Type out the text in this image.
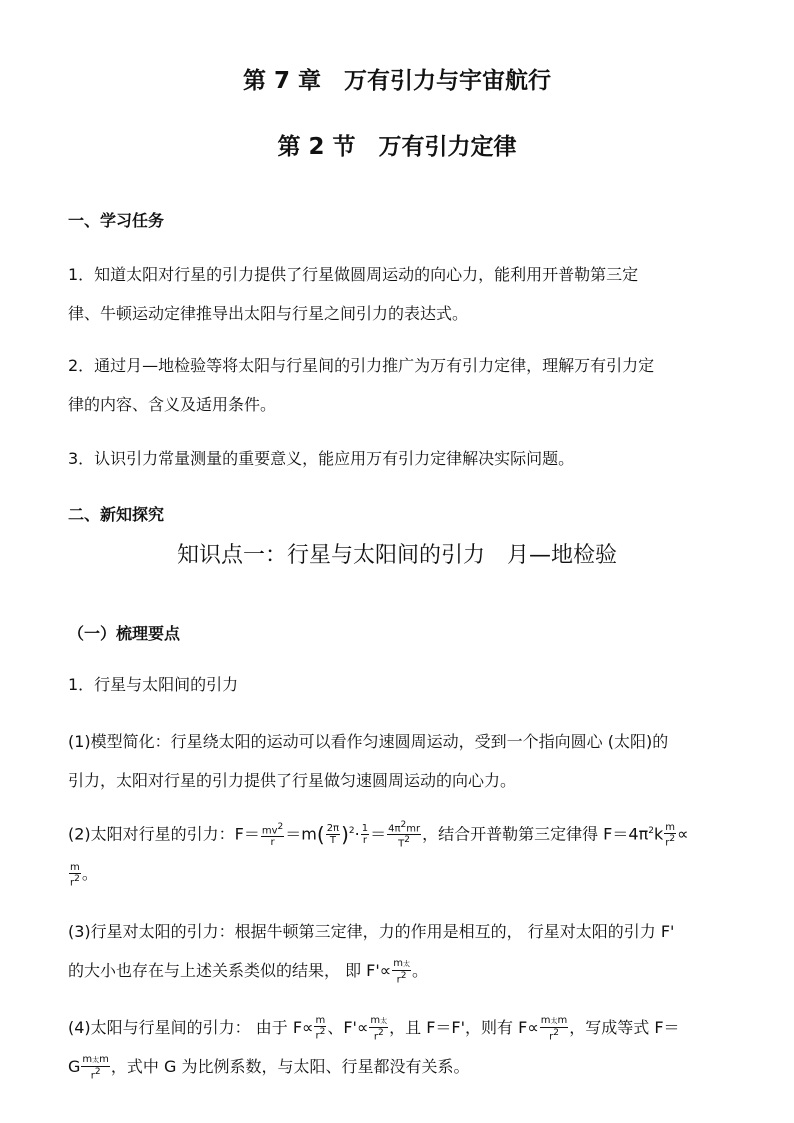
第 7 章　万有引力与宇宙航行
第 2 节　万有引力定律
一、学习任务
1．知道太阳对行星的引力提供了行星做圆周运动的向心力，能利用开普勒第三定
律、牛顿运动定律推导出太阳与行星之间引力的表达式。
2．通过月—地检验等将太阳与行星间的引力推广为万有引力定律，理解万有引力定
律的内容、含义及适用条件。
3．认识引力常量测量的重要意义，能应用万有引力定律解决实际问题。
二、新知探究
知识点一：行星与太阳间的引力　月—地检验
（一）梳理要点
1．行星与太阳间的引力
(1)模型简化：行星绕太阳的运动可以看作匀速圆周运动，受到一个指向圆心 (太阳)的
引力，太阳对行星的引力提供了行星做匀速圆周运动的向心力。
(2)太阳对行星的引力：$F= \frac{mv^2}{r} =m( \frac{2\pi}{T} )^2\cdot \frac{1}{r} = \frac{4\pi^2mr}{T^2}$ ，结合开普勒第三定律得 $F=4\pi^2k \frac{m}{r^2}$ ∝
$\frac{m}{r^2}$ 。
(3)行星对太阳的引力：根据牛顿第三定律，力的作用是相互的， 行星对太阳的引力 F'
的大小也存在与上述关系类似的结果， 即 $F'\propto \frac{\text{m太}}{r^2}$ 。
(4)太阳与行星间的引力： 由于 $F\propto \frac{m}{r^2}$ 、$F'\propto \frac{\text{m太}}{r^2}$ ，且 F＝F'，则有 $F\propto \frac{\text{m太m}}{r^2}$ ，写成等式 F＝
G $\frac{\text{m太m}}{r^2}$ ，式中 G 为比例系数，与太阳、行星都没有关系。
